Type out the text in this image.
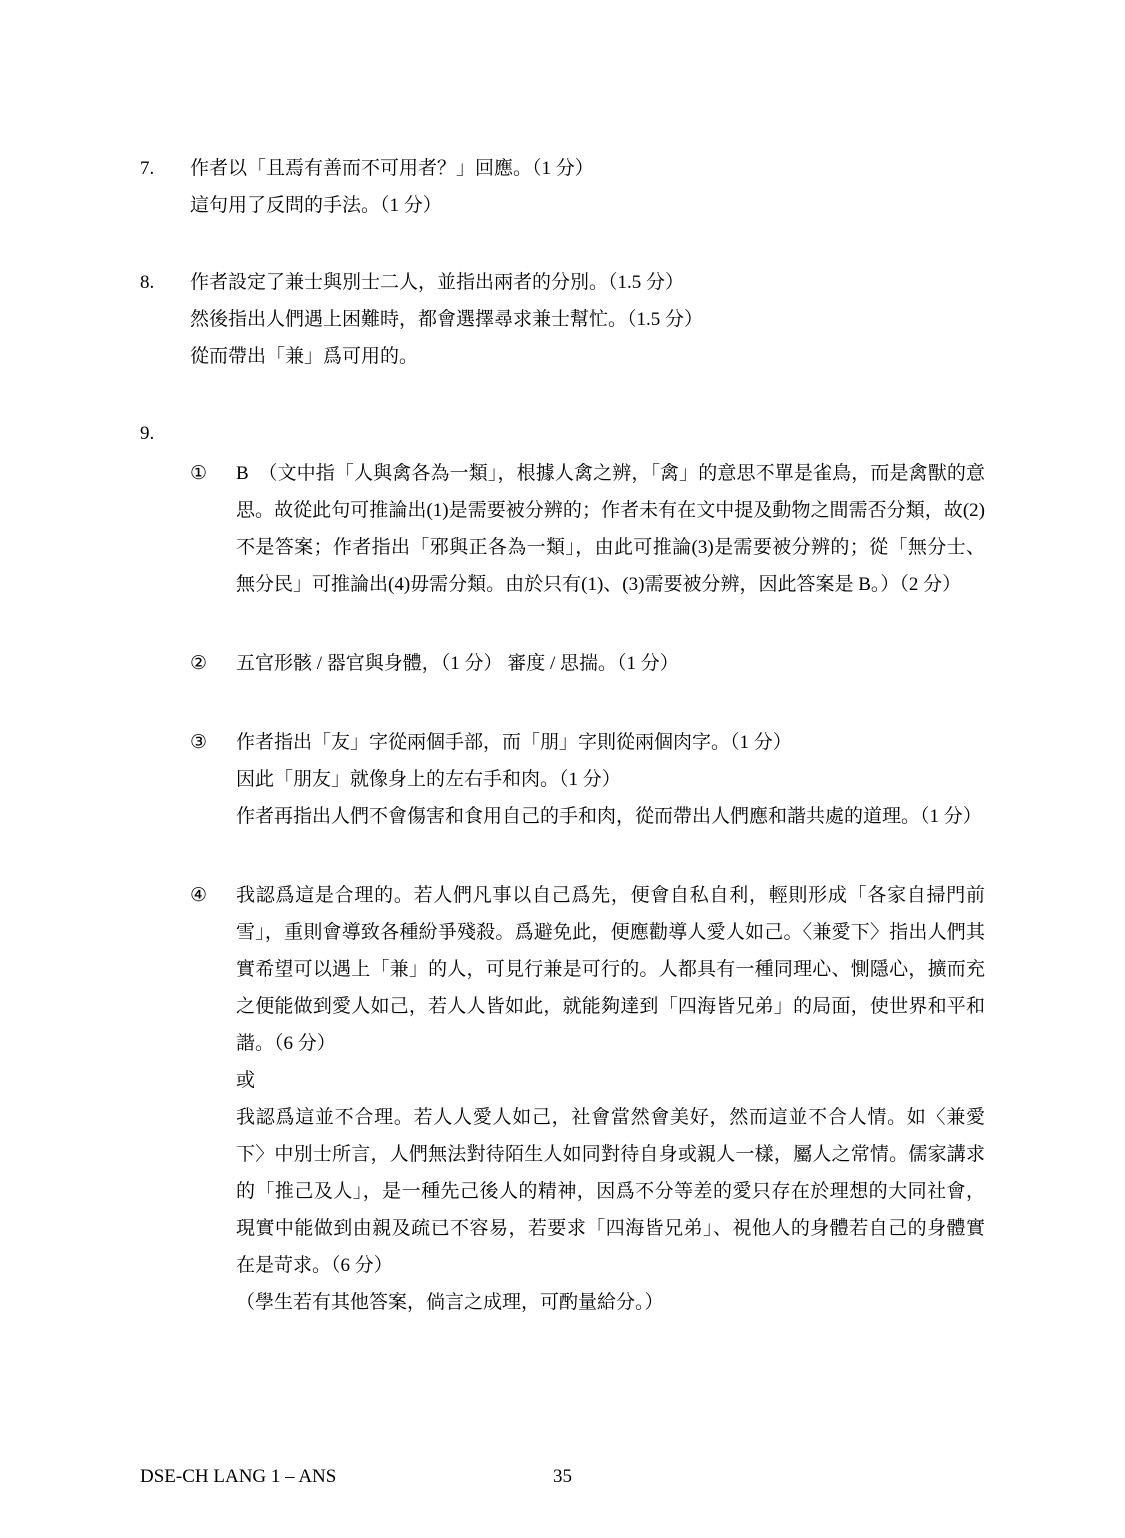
7.	作者以「且焉有善而不可用者？」回應。（1 分）

這句用了反問的手法。（1 分）

8.	作者設定了兼士與別士二人，並指出兩者的分別。（1.5 分）

然後指出人們遇上困難時，都會選擇尋求兼士幫忙。（1.5 分）

從而帶出「兼」爲可用的。

9.
①	B　（文中指「人與禽各為一類」，根據人禽之辨，「禽」的意思不單是雀鳥，而是禽獸的意思。故從此句可推論出(1)是需要被分辨的；作者未有在文中提及動物之間需否分類，故(2)不是答案；作者指出「邪與正各為一類」，由此可推論(3)是需要被分辨的；從「無分士、無分民」可推論出(4)毋需分類。由於只有(1)、(3)需要被分辨，因此答案是 B。）（2 分）

②	五官形骸 / 器官與身體，（1 分） 審度 / 思揣。（1 分）

③	作者指出「友」字從兩個手部，而「朋」字則從兩個肉字。（1 分）

因此「朋友」就像身上的左右手和肉。（1 分）

作者再指出人們不會傷害和食用自己的手和肉，從而帶出人們應和諧共處的道理。（1 分）

④	我認爲這是合理的。若人們凡事以自己爲先，便會自私自利，輕則形成「各家自掃門前雪」，重則會導致各種紛爭殘殺。爲避免此，便應勸導人愛人如己。〈兼愛下〉指出人們其實希望可以遇上「兼」的人，可見行兼是可行的。人都具有一種同理心、惻隱心，擴而充之便能做到愛人如己，若人人皆如此，就能夠達到「四海皆兄弟」的局面，使世界和平和諧。（6 分）

或

我認爲這並不合理。若人人愛人如己，社會當然會美好，然而這並不合人情。如〈兼愛下〉中別士所言，人們無法對待陌生人如同對待自身或親人一樣，屬人之常情。儒家講求的「推己及人」，是一種先己後人的精神，因爲不分等差的愛只存在於理想的大同社會，現實中能做到由親及疏已不容易，若要求「四海皆兄弟」、視他人的身體若自己的身體實在是苛求。（6 分）

（學生若有其他答案，倘言之成理，可酌量給分。）

DSE-CH LANG 1 – ANS	35
